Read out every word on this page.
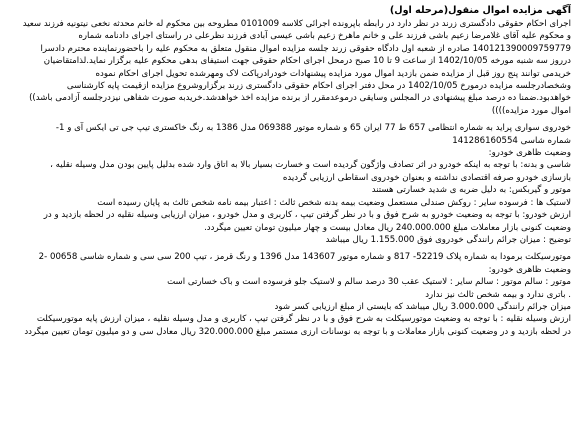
آگهی مزایده اموال منقول(مرحله اول)
اجرای احکام حقوقی دادگستری زرند در نظر دارد در رابطه باپرونده اجرائی کلاسه 0101009 مطروحه بین محکوم له خانم محدثه نخعی نیتونیه فرزند سعید
و محکوم علیه آقای غلامرضا زعیم باشی فرزند علی و خانم ماهرخ زعیم باشی عیسی آبادی فرزند نظرعلی در راستای اجرای دادنامه شماره
140121390009759779 صادره از شعبه اول دادگاه حقوقی زرند جلسه مزایده اموال منقول متعلق به محکوم علیه را باحضورنماینده محترم دادسرا
درروز سه شنبه مورخه 1402/10/05 از ساعت 9 تا 10 صبح درمحل اجرای احکام حقوقی جهت استیفای بدهی محکوم علیه برگزار نماید.لذامتقاضیان
خریدمی توانند پنج روز قبل از مزایده ضمن بازدید اموال مورد مزایده پیشنهادات خودرادرپاکت لاک ومهرشده تحویل اجرای احکام نموده
وشخصادرجلسه مزایده درمورخ 1402/10/05 در محل دفتر اجرای احکام حقوقی دادگستری زرند برگزاروشروع مزایده ازقیمت پایه کارشناسی
خواهدبود.ضمنا ده درصد مبلغ پیشنهادی در المجلس وسایقی درموعدمقرر از برنده مزایده اخذ خواهدشد.خریدبه صورت شفاهی نیزدرجلسه آزادمی باشد))
اموال مورد مزایده))))
خودروی سواری پراید به شماره انتظامی 657 ط 77 ایران 65 و شماره موتور 069388 مدل 1386 به رنگ خاکستری تیپ جی تی ایکس آی و 1-
شماره شاسی 141286160554
وضعیت ظاهری خودرو:
شاسی و بدنه: با توجه به اینکه خودرو در اثر تصادف واژگون گردیده است و خسارت بسیار بالا به اتاق وارد شده بدلیل پایین بودن مدل وسیله نقلیه ،
بازسازی خودرو صرفه اقتصادی نداشته و بعنوان خودروی اسقاطی ارزیابی گردیده
موتور و گیربکس: به دلیل ضربه ی شدید خسارتی هستند
لاستیک ها : فرسوده سایر : روکش صندلی مستعمل وضعیت بیمه بدنه شخص ثالث : اعتبار بیمه نامه شخص ثالث به پایان رسیده است
ارزش خودرو: با توجه به وضعیت خودرو به شرح فوق و با در نظر گرفتن تیپ ، کاربری و مدل خودرو ، میزان ارزیابی وسیله نقلیه در لحظه بازدید و در
وضعیت کنونی بازار معاملات مبلغ 240.000.000 ریال معادل بیست و چهار میلیون تومان تعیین میگردد.
توضیح : میزان جرائم رانندگی خودروی فوق 1.155.000 ریال میباشد
موتورسیکلت برمودا به شماره پلاک 52219- 817 و شماره موتور 143607 مدل 1396 و رنگ قرمز ، تیپ 200 سی سی و شماره شاسی 00658 -2
وضعیت ظاهری خودرو:
موتور : سالم موتور : سالم سایر : لاستیک عقب 30 درصد سالم و لاستیک جلو فرسوده است و باک خسارتی است
. باتری ندارد و بیمه شخص ثالث نیز ندارد
میزان جرائم رانندگی 3.000.000 ریال میباشد که بایستی از مبلغ ارزیابی کسر شود
ارزش وسیله نقلیه : با توجه به وضعیت موتورسیکلت به شرح فوق و با در نظر گرفتن تیپ ، کاربری و مدل وسیله نقلیه ، میزان ارزش پایه موتورسیکلت
در لحظه بازدید و در وضعیت کنونی بازار معاملات و با توجه به نوسانات ارزی مستمر مبلغ 320.000.000 ریال معادل سی و دو میلیون تومان تعیین میگردد
